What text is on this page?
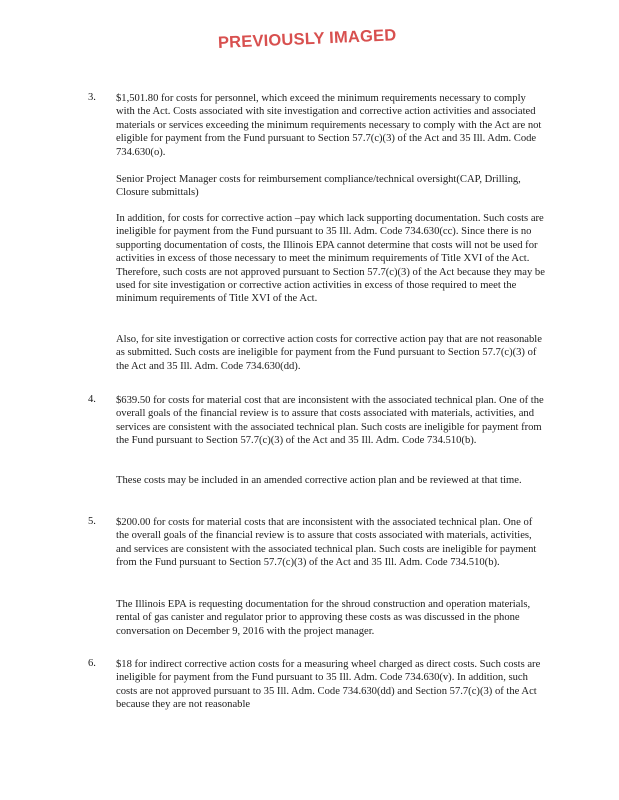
PREVIOUSLY IMAGED
3. $1,501.80 for costs for personnel, which exceed the minimum requirements necessary to comply with the Act. Costs associated with site investigation and corrective action activities and associated materials or services exceeding the minimum requirements necessary to comply with the Act are not eligible for payment from the Fund pursuant to Section 57.7(c)(3) of the Act and 35 Ill. Adm. Code 734.630(o).
Senior Project Manager costs for reimbursement compliance/technical oversight(CAP, Drilling, Closure submittals)
In addition, for costs for corrective action –pay which lack supporting documentation. Such costs are ineligible for payment from the Fund pursuant to 35 Ill. Adm. Code 734.630(cc). Since there is no supporting documentation of costs, the Illinois EPA cannot determine that costs will not be used for activities in excess of those necessary to meet the minimum requirements of Title XVI of the Act. Therefore, such costs are not approved pursuant to Section 57.7(c)(3) of the Act because they may be used for site investigation or corrective action activities in excess of those required to meet the minimum requirements of Title XVI of the Act.
Also, for site investigation or corrective action costs for corrective action pay that are not reasonable as submitted. Such costs are ineligible for payment from the Fund pursuant to Section 57.7(c)(3) of the Act and 35 Ill. Adm. Code 734.630(dd).
4. $639.50 for costs for material cost that are inconsistent with the associated technical plan. One of the overall goals of the financial review is to assure that costs associated with materials, activities, and services are consistent with the associated technical plan. Such costs are ineligible for payment from the Fund pursuant to Section 57.7(c)(3) of the Act and 35 Ill. Adm. Code 734.510(b).
These costs may be included in an amended corrective action plan and be reviewed at that time.
5. $200.00 for costs for material costs that are inconsistent with the associated technical plan. One of the overall goals of the financial review is to assure that costs associated with materials, activities, and services are consistent with the associated technical plan. Such costs are ineligible for payment from the Fund pursuant to Section 57.7(c)(3) of the Act and 35 Ill. Adm. Code 734.510(b).
The Illinois EPA is requesting documentation for the shroud construction and operation materials, rental of gas canister and regulator prior to approving these costs as was discussed in the phone conversation on December 9, 2016 with the project manager.
6. $18 for indirect corrective action costs for a measuring wheel charged as direct costs. Such costs are ineligible for payment from the Fund pursuant to 35 Ill. Adm. Code 734.630(v). In addition, such costs are not approved pursuant to 35 Ill. Adm. Code 734.630(dd) and Section 57.7(c)(3) of the Act because they are not reasonable
